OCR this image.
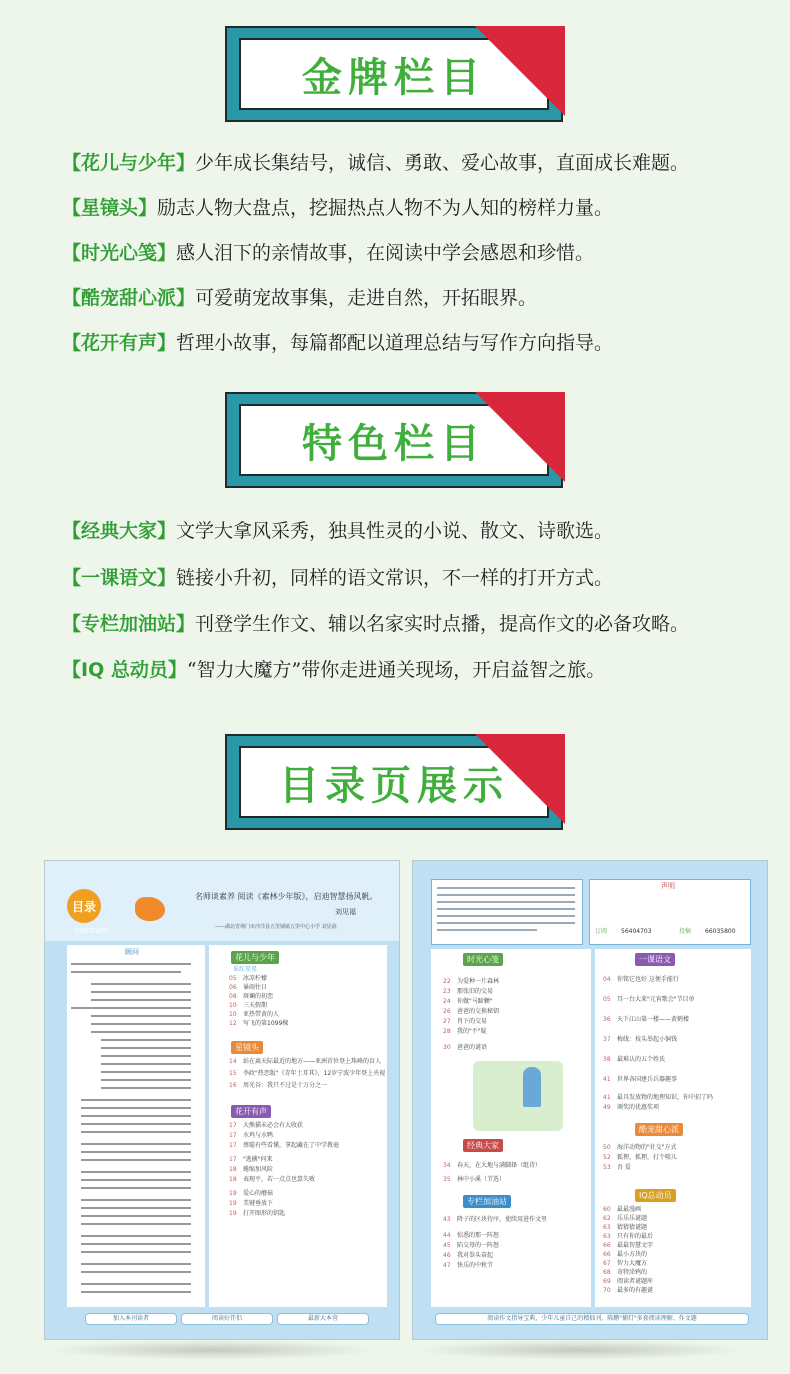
金牌栏目
【花儿与少年】少年成长集结号，诚信、勇敢、爱心故事，直面成长难题。
【星镜头】励志人物大盘点，挖掘热点人物不为人知的榜样力量。
【时光心笺】感人泪下的亲情故事，在阅读中学会感恩和珍惜。
【酷宠甜心派】可爱萌宠故事集，走进自然，开拓眼界。
【花开有声】哲理小故事，每篇都配以道理总结与写作方向指导。
特色栏目
【经典大家】文学大拿风采秀，独具性灵的小说、散文、诗歌选。
【一课语文】链接小升初，同样的语文常识，不一样的打开方式。
【专栏加油站】刊登学生作文、辅以名家实时点播，提高作文的必备攻略。
【IQ 总动员】“智力大魔方”带你走进通关现场，开启益智之旅。
目录页展示
目录
CONTENTS
名师谈素养 阅读《素林少年版》，启迪智慧扬风帆。
刘见福
——湖北省荆门市沙洋县五里铺镇五里中心小学 刘见福
顾问
花儿与少年
采红星星
05 冰凉柠檬
06 暴雨往日
08 斑斓的初恋
10 三天假期
10 亚热带黄的人
12 写飞的第1099棵
星镜头
14 站在离天际最近的地方——亚洲首位登上珠峰的盲人
15 李政"热恋版"《青年土耳其》，12岁宁波少年登上央视
16 周光谷：我只不过是十万分之一
花开有声
17 大熊猫未必会有大收获
17 水鸡与水鸭
17 蔡聪有些看懂，拿起藏在了中学教毫
17 "逃擒"何来
18 蜷缩加风险
18 表现平，若一点点也算失败
19 爱心的蘑菇
19 美键垂放下
19 打开图形的钥匙
加入本刊读者	阅读好伴侣	最新大本营
声明
订阅 56404703	投稿 66035800
时光心笺
22 为爱种一片森林
23 那张旧的交易
24 你做"马蹄颗"
26 爸爸的交换秘钥
27 肖下的交易
28 我的"不"疑
30 爸爸的谜语
经典大家
34 春天，在大地与满脚择（组诗）
35 林中小溪（节选）
专栏加油站
43 降子的区块待序，使续用进作文里
44 惊悉的那一阵怒
45 陷交母的一阵怒
46 我对拳头奋起
47 快乐的中秋节
一课语文
04 你铭它也好 这便手能行
05 耳一台大来"元宵歌会"节目单
36 天下江山第一楼——黄鹤楼
37 梅线：枝头举起小铜钱
38 最难认的五个姓氏
41 世界各国建兵兵器趣事
41 最具发放物的地理知识，你中招了吗
49 颁奖的优惠奖项
酷宠甜心派
50 海洋动物的"社交"方式
52 狐狸，狐狸，打个喷儿
53 吾 爱
IQ总动员
60 最最漫画
62 乐乐乐谜题
63 猜猜猜谜题
63 只有你的最后
66 最最智慧文字
66 最小方块的
67 智力大魔方
68 奇特涂鸦的
69 阅读者谜题库
70 最多的有趣谜
阅读作文指导宝典，少年儿童自己的精拙刊，陈鹏"捕灯"多套阅读理解、作文题
